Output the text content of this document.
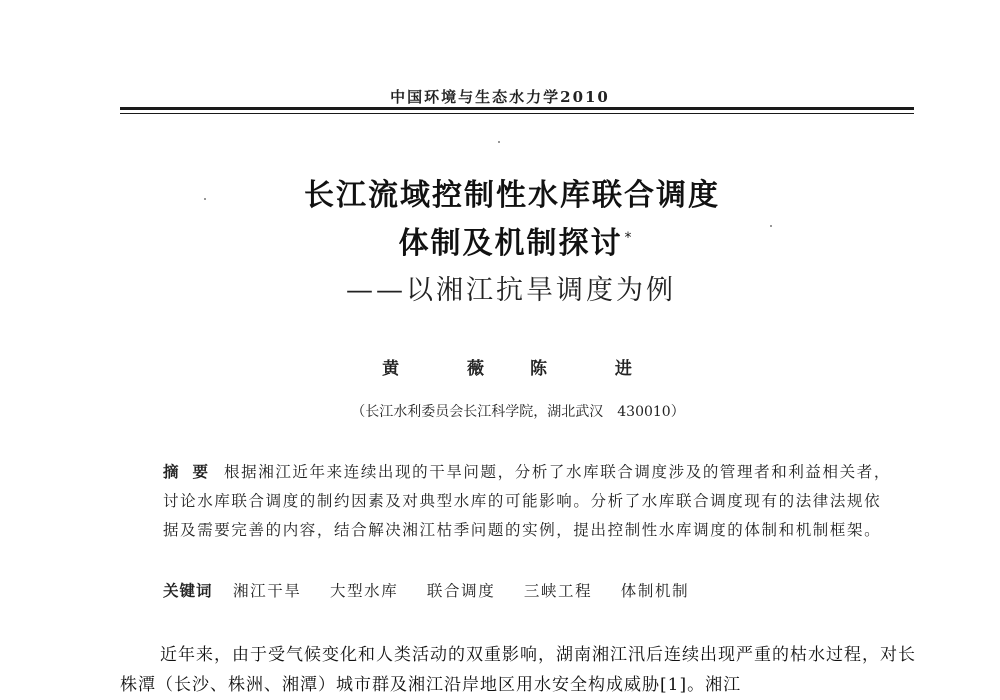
中国环境与生态水力学2010
长江流域控制性水库联合调度
体制及机制探讨 *
——以湘江抗旱调度为例
黄 薇 陈 进
（长江水利委员会长江科学院，湖北武汉　430010）
摘要 根据湘江近年来连续出现的干旱问题，分析了水库联合调度涉及的管理者和利益相关者，讨论水库联合调度的制约因素及对典型水库的可能影响。分析了水库联合调度现有的法律法规依据及需要完善的内容，结合解决湘江枯季问题的实例，提出控制性水库调度的体制和机制框架。
关键词 湘江干旱 大型水库 联合调度 三峡工程 体制机制
近年来，由于受气候变化和人类活动的双重影响，湖南湘江汛后连续出现严重的枯水过程，对长株潭（长沙、株洲、湘潭）城市群及湘江沿岸地区用水安全构成威胁[1]。湘江
